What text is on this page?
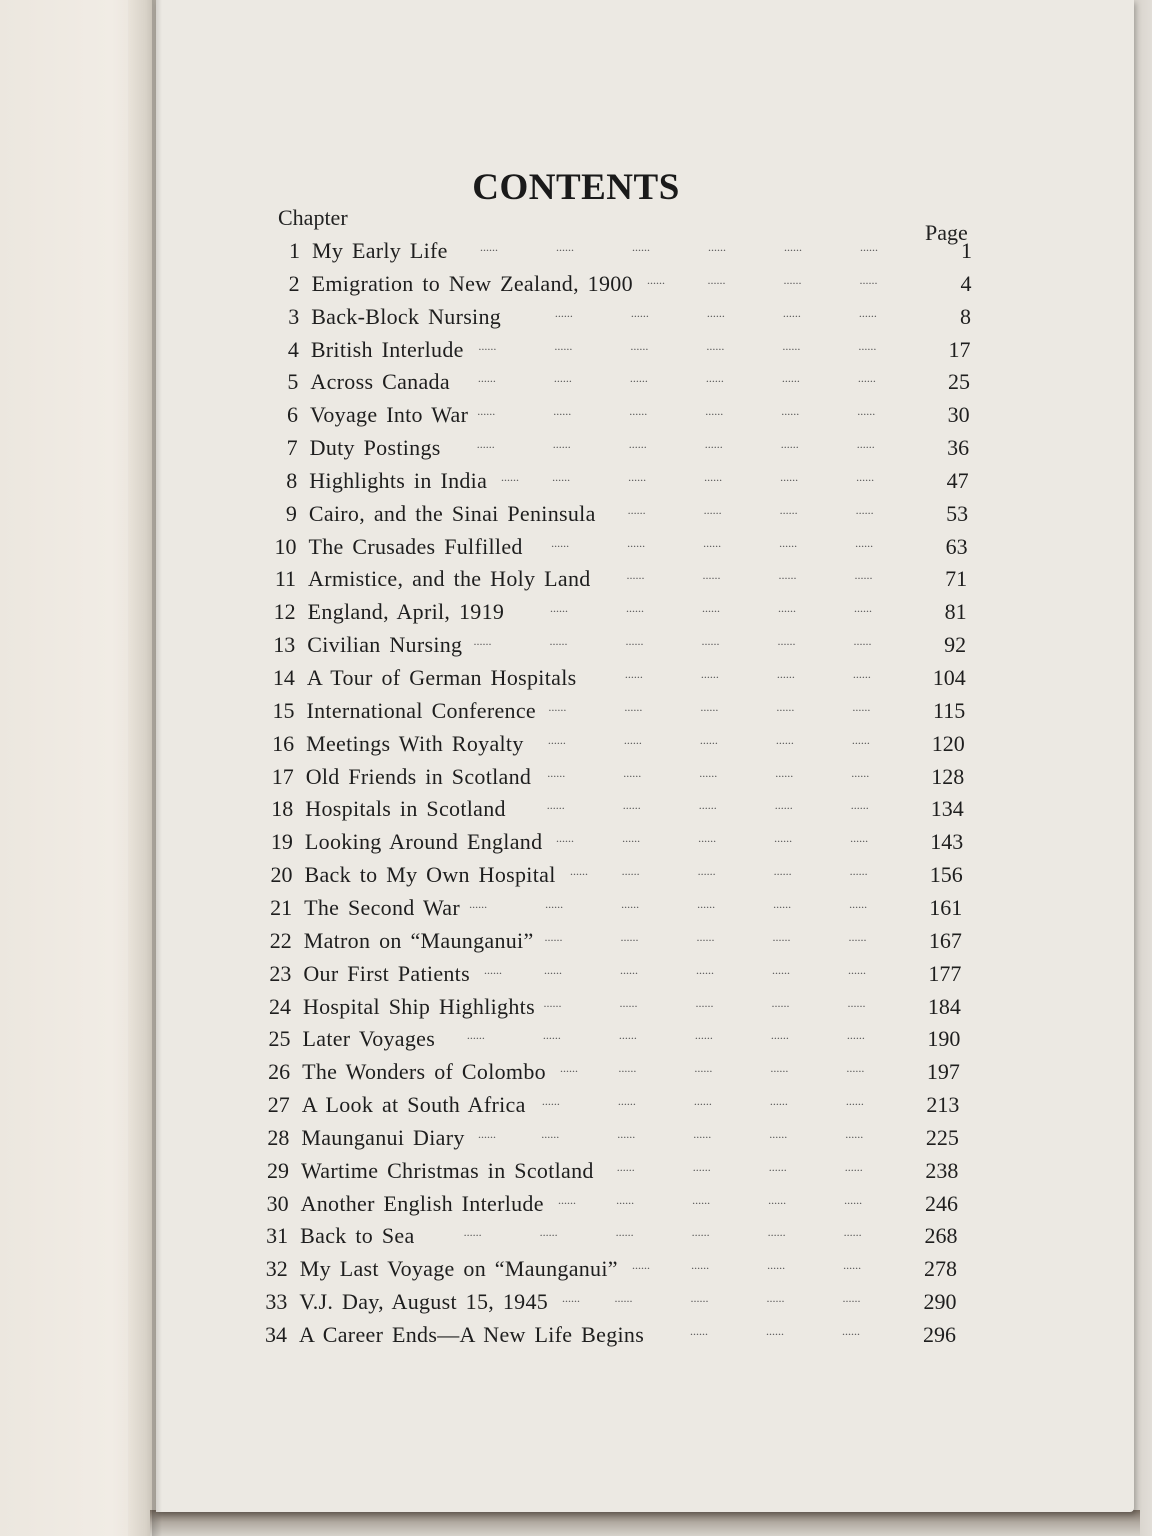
CONTENTS
Chapter
Page
1 My Early Life	1
......	......	......	......	......	......
2 Emigration to New Zealand, 1900	4
......	......	......	......
3 Back-Block Nursing	8
......	......	......	......	......
4 British Interlude	17
......	......	......	......	......	......
5 Across Canada	25
......	......	......	......	......	......
6 Voyage Into War	30
......	......	......	......	......	......
7 Duty Postings	36
......	......	......	......	......	......
8 Highlights in India	47
......	......	......	......	......	......
9 Cairo, and the Sinai Peninsula	53
......	......	......	......
10 The Crusades Fulfilled	63
......	......	......	......	......
11 Armistice, and the Holy Land	71
......	......	......	......
12 England, April, 1919	81
......	......	......	......	......
13 Civilian Nursing	92
......	......	......	......	......	......
14 A Tour of German Hospitals	104
......	......	......	......
15 International Conference	115
......	......	......	......	......
16 Meetings With Royalty	120
......	......	......	......	......
17 Old Friends in Scotland	128
......	......	......	......	......
18 Hospitals in Scotland	134
......	......	......	......	......
19 Looking Around England	143
......	......	......	......	......
20 Back to My Own Hospital	156
......	......	......	......	......
21 The Second War	161
......	......	......	......	......	......
22 Matron on “Maunganui”	167
......	......	......	......	......
23 Our First Patients	177
......	......	......	......	......	......
24 Hospital Ship Highlights	184
......	......	......	......	......
25 Later Voyages	190
......	......	......	......	......	......
26 The Wonders of Colombo	197
......	......	......	......	......
27 A Look at South Africa	213
......	......	......	......	......
28 Maunganui Diary	225
......	......	......	......	......	......
29 Wartime Christmas in Scotland	238
......	......	......	......
30 Another English Interlude	246
......	......	......	......	......
31 Back to Sea	268
......	......	......	......	......	......
32 My Last Voyage on “Maunganui”	278
......	......	......	......
33 V.J. Day, August 15, 1945	290
......	......	......	......	......
34 A Career Ends—A New Life Begins	296
......	......	......
